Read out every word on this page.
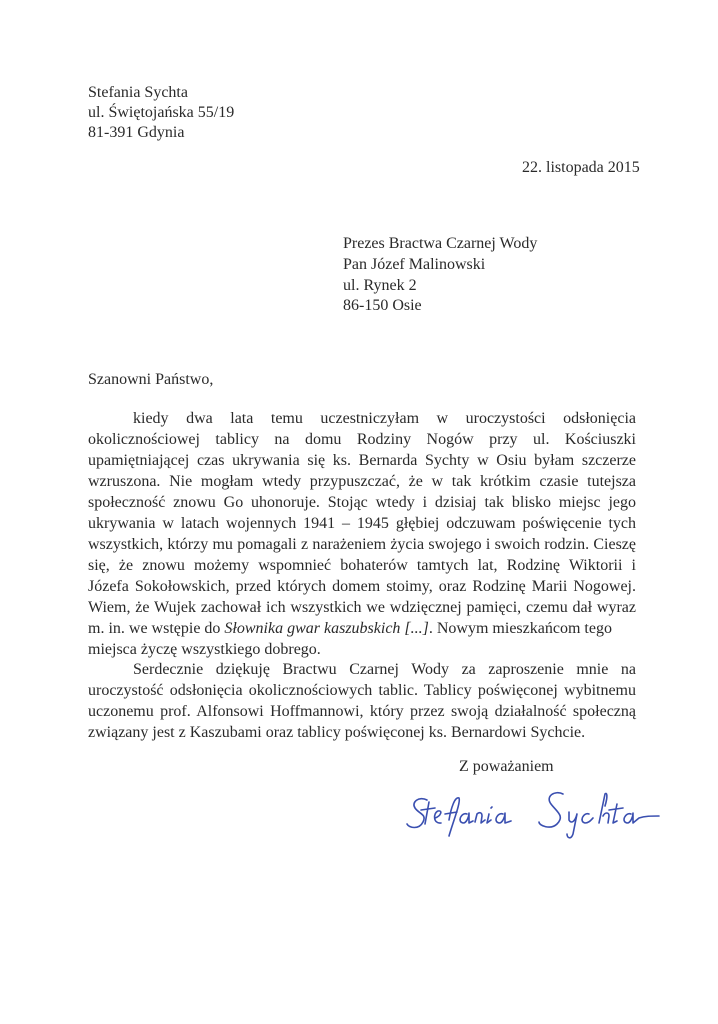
Stefania Sychta
ul. Świętojańska 55/19
81-391 Gdynia
22. listopada 2015
Prezes Bractwa Czarnej Wody
Pan Józef Malinowski
ul. Rynek 2
86-150 Osie
Szanowni Państwo,
kiedy dwa lata temu uczestniczyłam w uroczystości odsłonięcia
okolicznościowej tablicy na domu Rodziny Nogów przy ul. Kościuszki
upamiętniającej czas ukrywania się ks. Bernarda Sychty w Osiu byłam szczerze
wzruszona. Nie mogłam wtedy przypuszczać, że w tak krótkim czasie tutejsza
społeczność znowu Go uhonoruje. Stojąc wtedy i dzisiaj tak blisko miejsc jego
ukrywania w latach wojennych 1941 – 1945 głębiej odczuwam poświęcenie tych
wszystkich, którzy mu pomagali z narażeniem życia swojego i swoich rodzin. Cieszę
się, że znowu możemy wspomnieć bohaterów tamtych lat, Rodzinę Wiktorii i
Józefa Sokołowskich, przed których domem stoimy, oraz Rodzinę Marii Nogowej.
Wiem, że Wujek zachował ich wszystkich we wdzięcznej pamięci, czemu dał wyraz
m. in. we wstępie do Słownika gwar kaszubskich [...]. Nowym mieszkańcom tego
miejsca życzę wszystkiego dobrego.
Serdecznie dziękuję Bractwu Czarnej Wody za zaproszenie mnie na
uroczystość odsłonięcia okolicznościowych tablic. Tablicy poświęconej wybitnemu
uczonemu prof. Alfonsowi Hoffmannowi, który przez swoją działalność społeczną
związany jest z Kaszubami oraz tablicy poświęconej ks. Bernardowi Sychcie.
Z poważaniem
